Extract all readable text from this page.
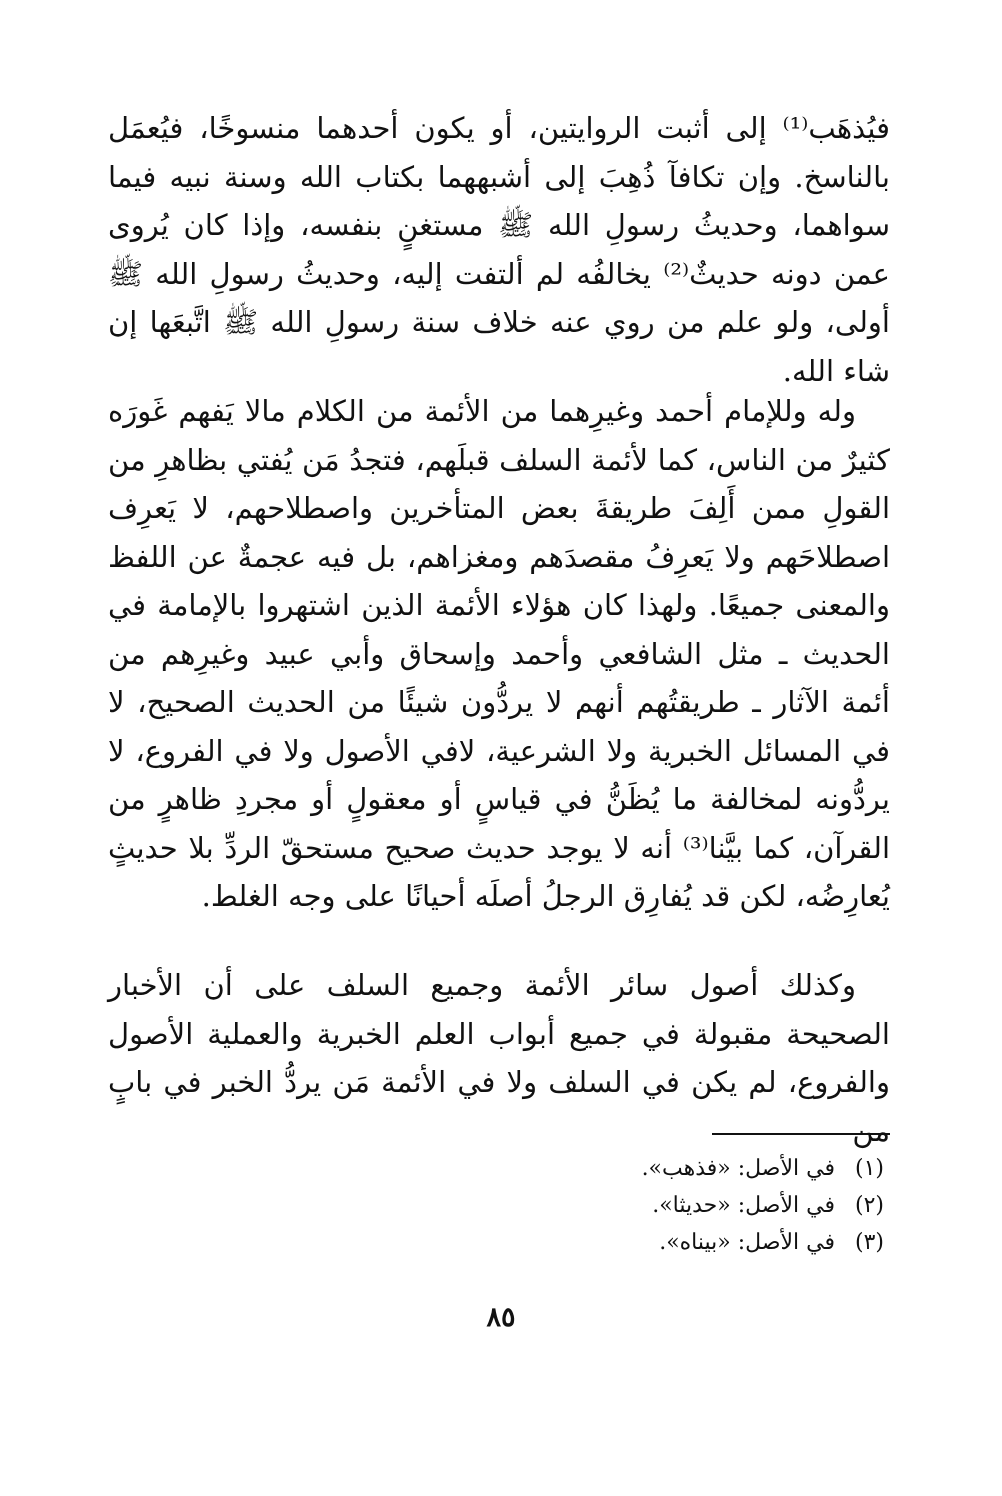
فيُذهَب⁽¹⁾ إلى أثبت الروايتين، أو يكون أحدهما منسوخًا، فيُعمَل بالناسخ. وإن تكافآ ذُهِبَ إلى أشبههما بكتاب الله وسنة نبيه فيما سواهما، وحديثُ رسولِ الله ﷺ مستغنٍ بنفسه، وإذا كان يُروى عمن دونه حديثٌ⁽²⁾ يخالفُه لم ألتفت إليه، وحديثُ رسولِ الله ﷺ أولى، ولو علم من روي عنه خلاف سنة رسولِ الله ﷺ اتَّبعَها إن شاء الله.

وله وللإمام أحمد وغيرِهما من الأئمة من الكلام مالا يَفهم غَورَه كثيرٌ من الناس، كما لأئمة السلف قبلَهم، فتجدُ مَن يُفتي بظاهرِ من القولِ ممن أَلِفَ طريقةَ بعض المتأخرين واصطلاحهم، لا يَعرِف اصطلاحَهم ولا يَعرِفُ مقصدَهم ومغزاهم، بل فيه عجمةٌ عن اللفظ والمعنى جميعًا. ولهذا كان هؤلاء الأئمة الذين اشتهروا بالإمامة في الحديث ـ مثل الشافعي وأحمد وإسحاق وأبي عبيد وغيرِهم من أئمة الآثار ـ طريقتُهم أنهم لا يردُّون شيئًا من الحديث الصحيح، لا في المسائل الخبرية ولا الشرعية، لافي الأصول ولا في الفروع، لا يردُّونه لمخالفة ما يُظَنُّ في قياسٍ أو معقولٍ أو مجردِ ظاهرٍ من القرآن، كما بيَّنا⁽³⁾ أنه لا يوجد حديث صحيح مستحقّ الردِّ بلا حديثٍ يُعارِضُه، لكن قد يُفارِق الرجلُ أصلَه أحيانًا على وجه الغلط.

وكذلك أصول سائر الأئمة وجميع السلف على أن الأخبار الصحيحة مقبولة في جميع أبواب العلم الخبرية والعملية الأصول والفروع، لم يكن في السلف ولا في الأئمة مَن يردُّ الخبر في بابٍ من

(١) في الأصل: «فذهب».

(٢) في الأصل: «حديثا».

(٣) في الأصل: «بيناه».

٨٥
